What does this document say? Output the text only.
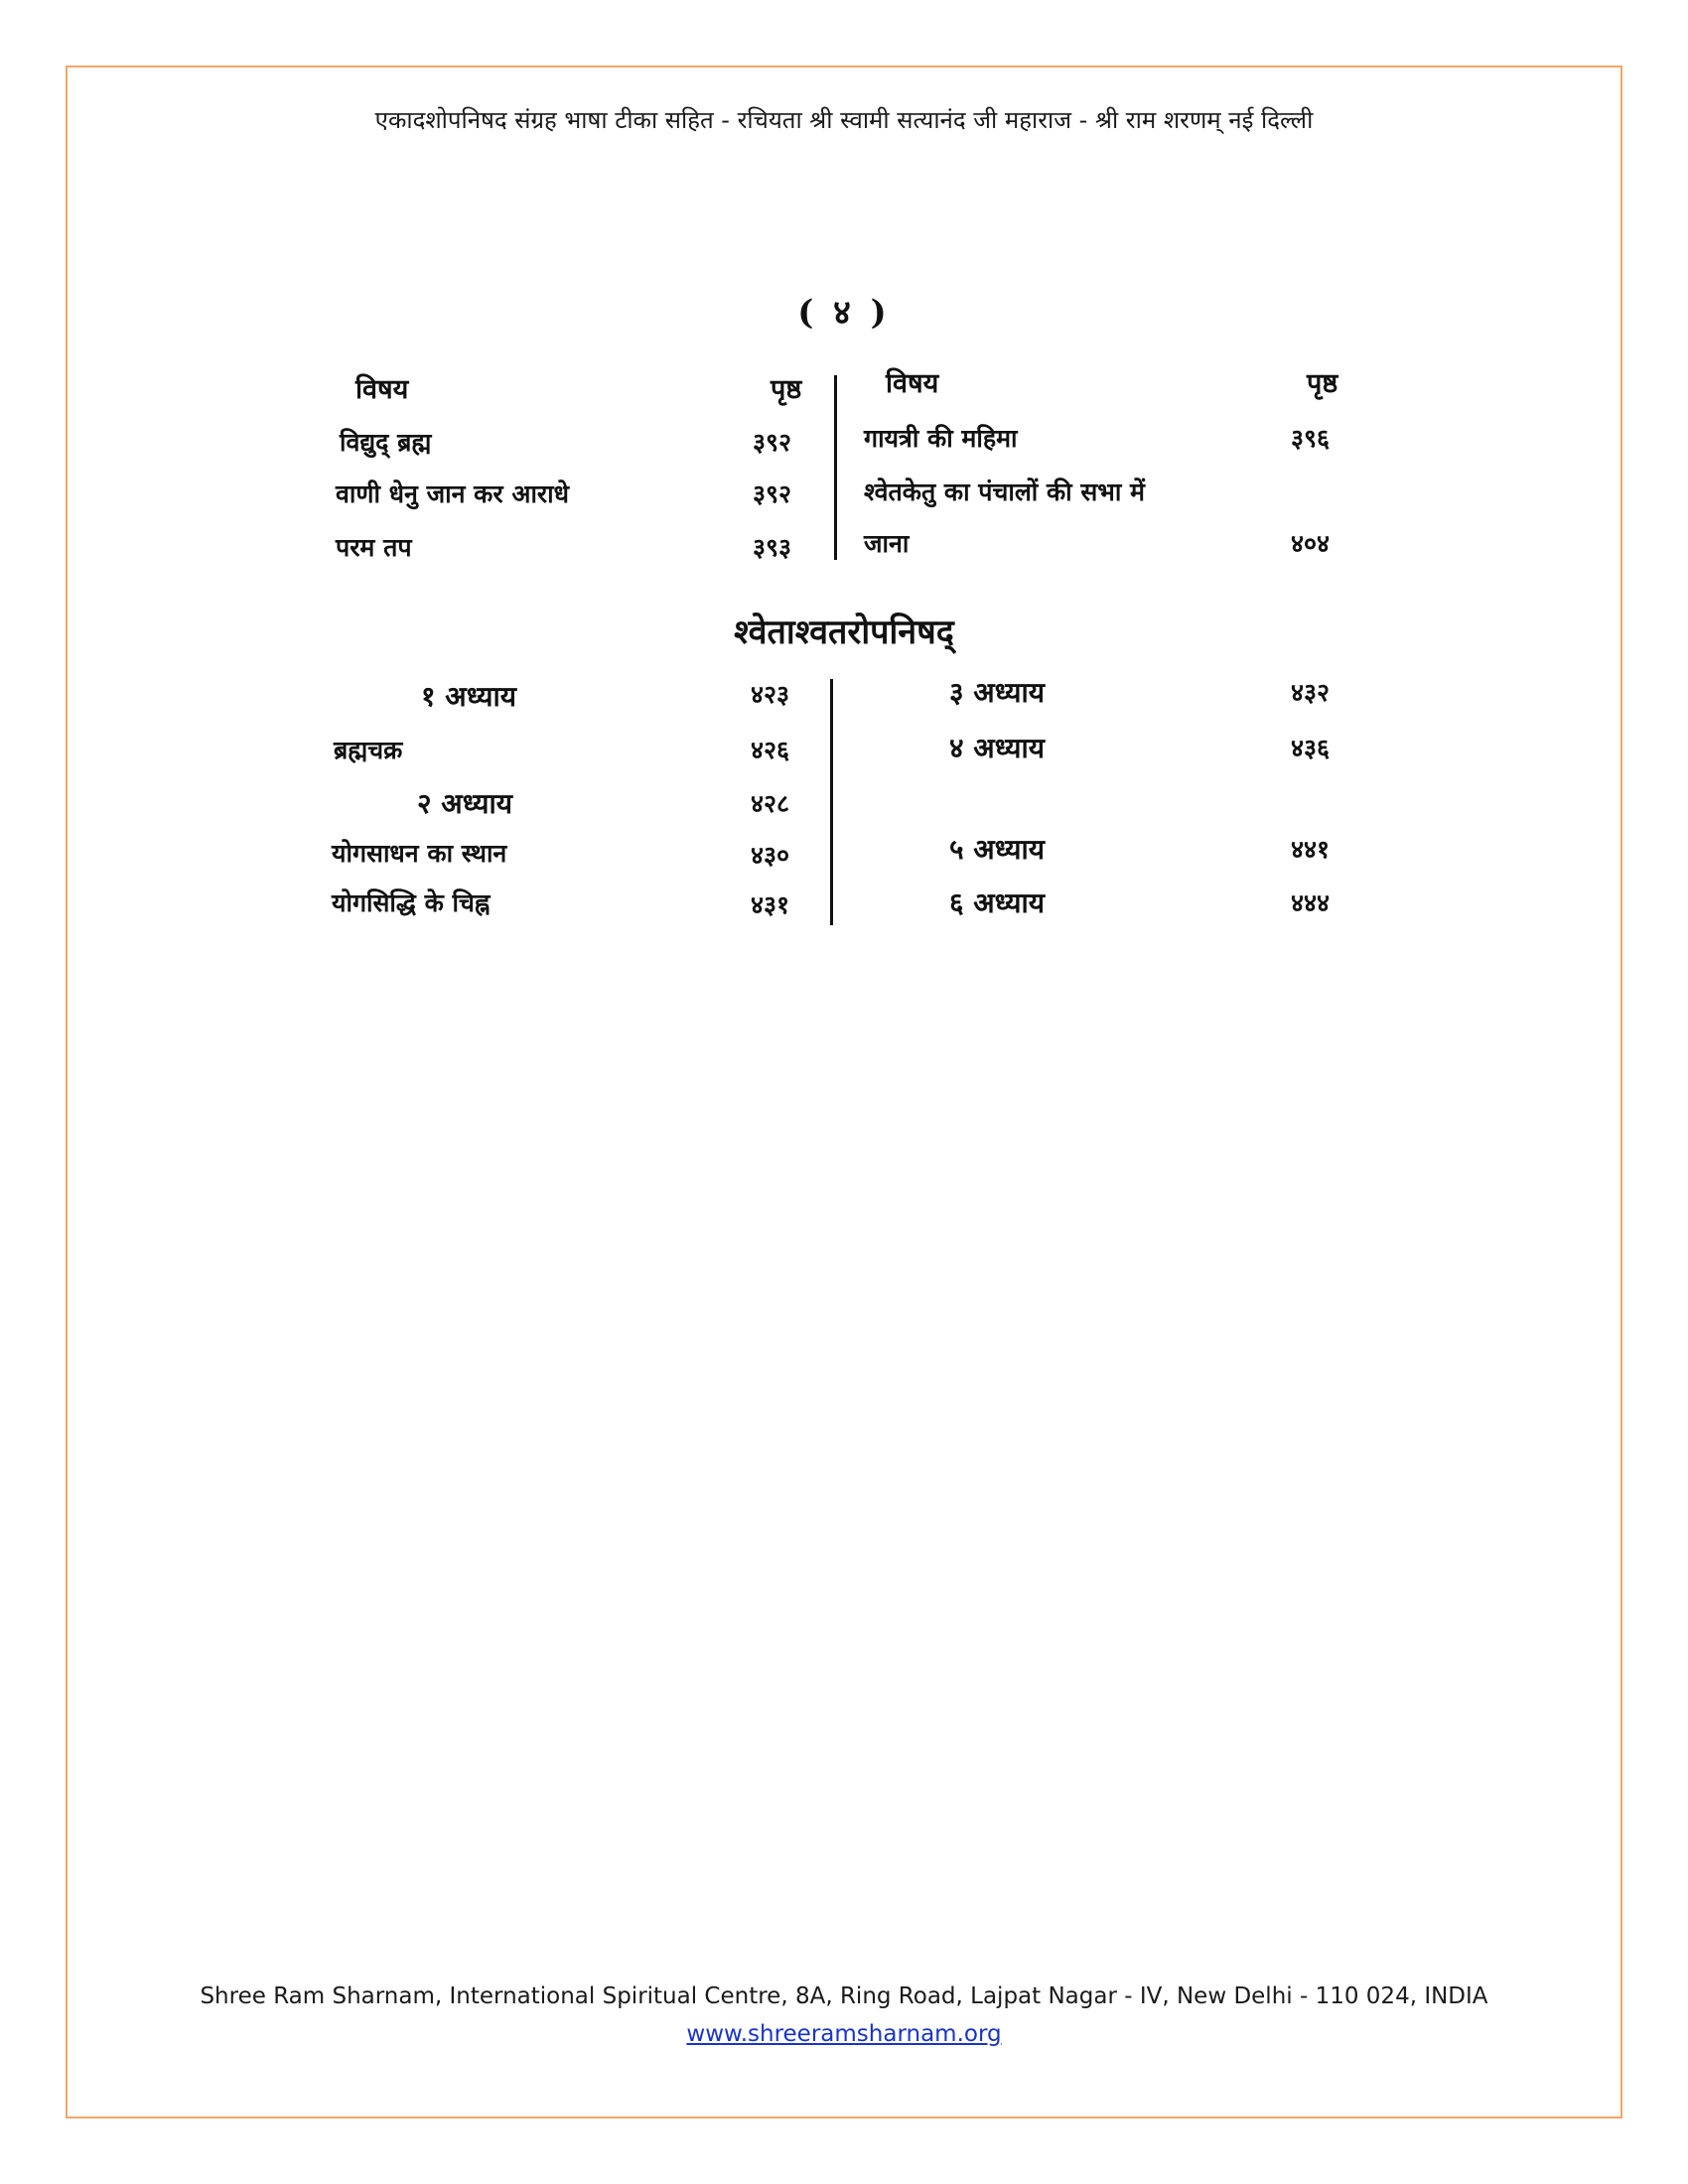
एकादशोपनिषद संग्रह भाषा टीका सहित - रचियता श्री स्वामी सत्यानंद जी महाराज - श्री राम शरणम् नई दिल्ली
( ४ )
विषय	पृष्ठ
विद्युद् ब्रह्म	३९२
वाणी धेनु जान कर आराधे	३९२
परम तप	३९३
विषय	पृष्ठ
गायत्री की महिमा	३९६
श्वेतकेतु का पंचालों की सभा में
जाना	४०४
श्वेताश्वतरोपनिषद्
१ अध्याय	४२३
ब्रह्मचक्र	४२६
२ अध्याय	४२८
योगसाधन का स्थान	४३०
योगसिद्धि के चिह्न	४३१
३ अध्याय	४३२
४ अध्याय	४३६
५ अध्याय	४४१
६ अध्याय	४४४
Shree Ram Sharnam, International Spiritual Centre, 8A, Ring Road, Lajpat Nagar - IV, New Delhi - 110 024, INDIA
www.shreeramsharnam.org
